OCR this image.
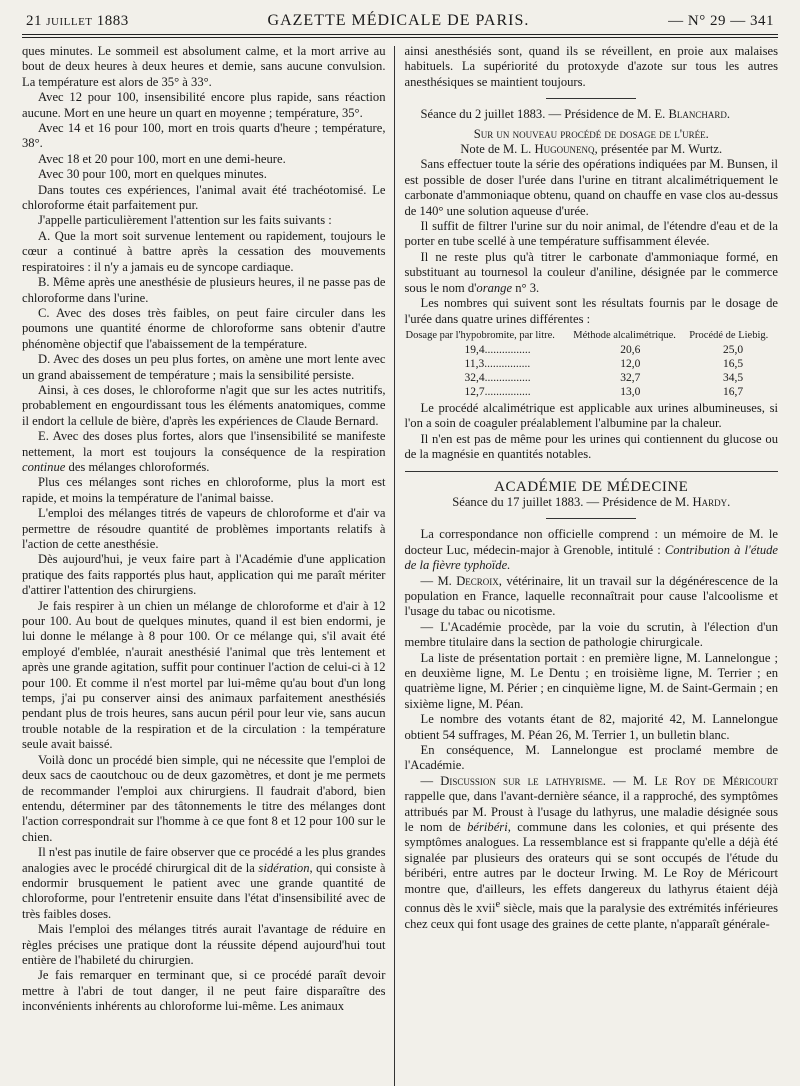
21 juillet 1883	GAZETTE MÉDICALE DE PARIS.	— N° 29 — 341

ques minutes. Le sommeil est absolument calme, et la mort arrive au bout de deux heures à deux heures et demie, sans aucune convulsion. La température est alors de 35° à 33°.

Avec 12 pour 100, insensibilité encore plus rapide, sans réaction aucune. Mort en une heure un quart en moyenne ; température, 35°.

Avec 14 et 16 pour 100, mort en trois quarts d'heure ; température, 38°.

Avec 18 et 20 pour 100, mort en une demi-heure.

Avec 30 pour 100, mort en quelques minutes.

Dans toutes ces expériences, l'animal avait été trachéotomisé. Le chloroforme était parfaitement pur.

J'appelle particulièrement l'attention sur les faits suivants :

A. Que la mort soit survenue lentement ou rapidement, toujours le cœur a continué à battre après la cessation des mouvements respiratoires : il n'y a jamais eu de syncope cardiaque.

B. Même après une anesthésie de plusieurs heures, il ne passe pas de chloroforme dans l'urine.

C. Avec des doses très faibles, on peut faire circuler dans les poumons une quantité énorme de chloroforme sans obtenir d'autre phénomène objectif que l'abaissement de la température.

D. Avec des doses un peu plus fortes, on amène une mort lente avec un grand abaissement de température ; mais la sensibilité persiste.

Ainsi, à ces doses, le chloroforme n'agit que sur les actes nutritifs, probablement en engourdissant tous les éléments anatomiques, comme il endort la cellule de bière, d'après les expériences de Claude Bernard.

E. Avec des doses plus fortes, alors que l'insensibilité se manifeste nettement, la mort est toujours la conséquence de la respiration continue des mélanges chloroformés.

Plus ces mélanges sont riches en chloroforme, plus la mort est rapide, et moins la température de l'animal baisse.

L'emploi des mélanges titrés de vapeurs de chloroforme et d'air va permettre de résoudre quantité de problèmes importants relatifs à l'action de cette anesthésie.

Dès aujourd'hui, je veux faire part à l'Académie d'une application pratique des faits rapportés plus haut, application qui me paraît mériter d'attirer l'attention des chirurgiens.

Je fais respirer à un chien un mélange de chloroforme et d'air à 12 pour 100. Au bout de quelques minutes, quand il est bien endormi, je lui donne le mélange à 8 pour 100. Or ce mélange qui, s'il avait été employé d'emblée, n'aurait anesthésié l'animal que très lentement et après une grande agitation, suffit pour continuer l'action de celui-ci à 12 pour 100. Et comme il n'est mortel par lui-même qu'au bout d'un long temps, j'ai pu conserver ainsi des animaux parfaitement anesthésiés pendant plus de trois heures, sans aucun péril pour leur vie, sans aucun trouble notable de la respiration et de la circulation : la température seule avait baissé.

Voilà donc un procédé bien simple, qui ne nécessite que l'emploi de deux sacs de caoutchouc ou de deux gazomètres, et dont je me permets de recommander l'emploi aux chirurgiens. Il faudrait d'abord, bien entendu, déterminer par des tâtonnements le titre des mélanges dont l'action correspondrait sur l'homme à ce que font 8 et 12 pour 100 sur le chien.

Il n'est pas inutile de faire observer que ce procédé a les plus grandes analogies avec le procédé chirurgical dit de la sidération, qui consiste à endormir brusquement le patient avec une grande quantité de chloroforme, pour l'entretenir ensuite dans l'état d'insensibilité avec de très faibles doses.

Mais l'emploi des mélanges titrés aurait l'avantage de réduire en règles précises une pratique dont la réussite dépend aujourd'hui tout entière de l'habileté du chirurgien.

Je fais remarquer en terminant que, si ce procédé paraît devoir mettre à l'abri de tout danger, il ne peut faire disparaître des inconvénients inhérents au chloroforme lui-même. Les animaux

ainsi anesthésiés sont, quand ils se réveillent, en proie aux malaises habituels. La supériorité du protoxyde d'azote sur tous les autres anesthésiques se maintient toujours.

Séance du 2 juillet 1883. — Présidence de M. E. Blanchard.

Sur un nouveau procédé de dosage de l'urée.

Note de M. L. Hugounenq, présentée par M. Wurtz.

Sans effectuer toute la série des opérations indiquées par M. Bunsen, il est possible de doser l'urée dans l'urine en titrant alcalimétriquement le carbonate d'ammoniaque obtenu, quand on chauffe en vase clos au-dessus de 140° une solution aqueuse d'urée.

Il suffit de filtrer l'urine sur du noir animal, de l'étendre d'eau et de la porter en tube scellé à une température suffisamment élevée.

Il ne reste plus qu'à titrer le carbonate d'ammoniaque formé, en substituant au tournesol la couleur d'aniline, désignée par le commerce sous le nom d'orange n° 3.

Les nombres qui suivent sont les résultats fournis par le dosage de l'urée dans quatre urines différentes :

Dosage par l'hypobromite, par litre.	Méthode alcalimétrique.	Procédé de Liebig.
19,4................	20,6	25,0
11,3................	12,0	16,5
32,4................	32,7	34,5
12,7................	13,0	16,7

Le procédé alcalimétrique est applicable aux urines albumineuses, si l'on a soin de coaguler préalablement l'albumine par la chaleur.

Il n'en est pas de même pour les urines qui contiennent du glucose ou de la magnésie en quantités notables.

ACADÉMIE DE MÉDECINE

Séance du 17 juillet 1883. — Présidence de M. Hardy.

La correspondance non officielle comprend : un mémoire de M. le docteur Luc, médecin-major à Grenoble, intitulé : Contribution à l'étude de la fièvre typhoïde.

— M. Decroix, vétérinaire, lit un travail sur la dégénérescence de la population en France, laquelle reconnaîtrait pour cause l'alcoolisme et l'usage du tabac ou nicotisme.

— L'Académie procède, par la voie du scrutin, à l'élection d'un membre titulaire dans la section de pathologie chirurgicale.

La liste de présentation portait : en première ligne, M. Lannelongue ; en deuxième ligne, M. Le Dentu ; en troisième ligne, M. Terrier ; en quatrième ligne, M. Périer ; en cinquième ligne, M. de Saint-Germain ; en sixième ligne, M. Péan.

Le nombre des votants étant de 82, majorité 42, M. Lannelongue obtient 54 suffrages, M. Péan 26, M. Terrier 1, un bulletin blanc.

En conséquence, M. Lannelongue est proclamé membre de l'Académie.

— Discussion sur le lathyrisme. — M. Le Roy de Méricourt rappelle que, dans l'avant-dernière séance, il a rapproché, des symptômes attribués par M. Proust à l'usage du lathyrus, une maladie désignée sous le nom de béribéri, commune dans les colonies, et qui présente des symptômes analogues. La ressemblance est si frappante qu'elle a déjà été signalée par plusieurs des orateurs qui se sont occupés de l'étude du béribéri, entre autres par le docteur Irwing. M. Le Roy de Méricourt montre que, d'ailleurs, les effets dangereux du lathyrus étaient déjà connus dès le xvii$^e$ siècle, mais que la paralysie des extrémités inférieures chez ceux qui font usage des graines de cette plante, n'apparaît générale-
